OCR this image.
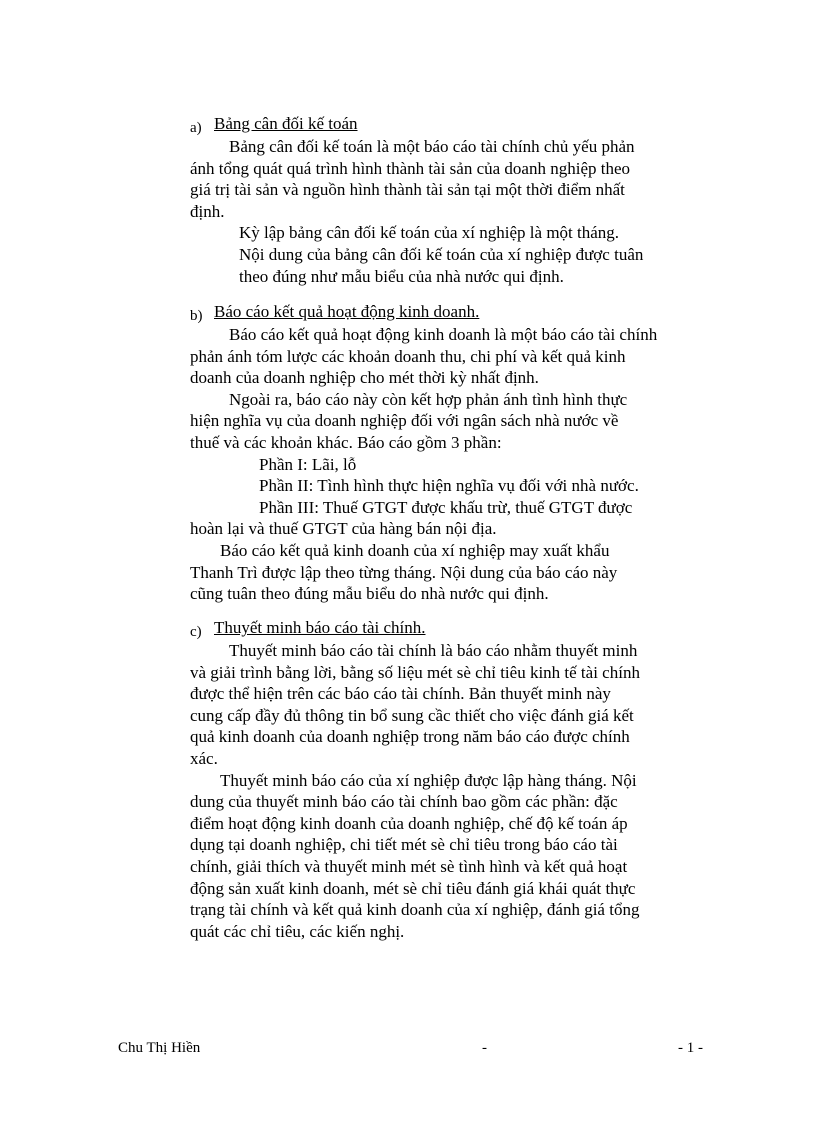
a) Bảng cân đối kế toán

Bảng cân đối kế toán là một báo cáo tài chính chủ yếu phản

ánh tổng quát quá trình hình thành tài sản của doanh nghiệp theo

giá trị tài sản và nguồn hình thành tài sản tại một thời điểm nhất

định.

Kỳ lập bảng cân đối kế toán của xí nghiệp là một tháng.

Nội dung của bảng cân đối kế toán của xí nghiệp được tuân

theo đúng như mẫu biểu của nhà nước qui định.

b) Báo cáo kết quả hoạt động kinh doanh.

Báo cáo kết quả hoạt động kinh doanh là một báo cáo tài chính

phản ánh tóm lược các khoản doanh thu, chi phí và kết quả kinh

doanh của doanh nghiệp cho mét thời kỳ nhất định.

Ngoài ra, báo cáo này còn kết hợp phản ánh tình hình thực

hiện nghĩa vụ của doanh nghiệp đối với ngân sách nhà nước về

thuế và các khoản khác. Báo cáo gồm 3 phần:

Phần I: Lãi, lỗ

Phần II: Tình hình thực hiện nghĩa vụ đối với nhà nước.

Phần III: Thuế GTGT được khấu trừ, thuế GTGT được

hoàn lại và thuế GTGT của hàng bán nội địa.

Báo cáo kết quả kinh doanh của xí nghiệp may xuất khẩu

Thanh Trì được lập theo từng tháng. Nội dung của báo cáo này

cũng tuân theo đúng mẫu biểu do nhà nước qui định.

c) Thuyết minh báo cáo tài chính.

Thuyết minh báo cáo tài chính là báo cáo nhằm thuyết minh

và giải trình bằng lời, bằng số liệu mét sè chỉ tiêu kinh tế tài chính

được thể hiện trên các báo cáo tài chính. Bản thuyết minh này

cung cấp đầy đủ thông tin bổ sung cầc thiết cho việc đánh giá kết

quả kinh doanh của doanh nghiệp trong năm báo cáo được chính

xác.

Thuyết minh báo cáo của xí nghiệp được lập hàng tháng. Nội

dung của thuyết minh báo cáo tài chính bao gồm các phần: đặc

điểm hoạt động kinh doanh của doanh nghiệp, chế độ kế toán áp

dụng tại doanh nghiệp, chi tiết mét sè chỉ tiêu trong báo cáo tài

chính, giải thích và thuyết minh mét sè tình hình và kết quả hoạt

động sản xuất kinh doanh, mét sè chỉ tiêu đánh giá khái quát thực

trạng tài chính và kết quả kinh doanh của xí nghiệp, đánh giá tổng

quát các chỉ tiêu, các kiến nghị.

Chu Thị Hiền	-	- 1 -
